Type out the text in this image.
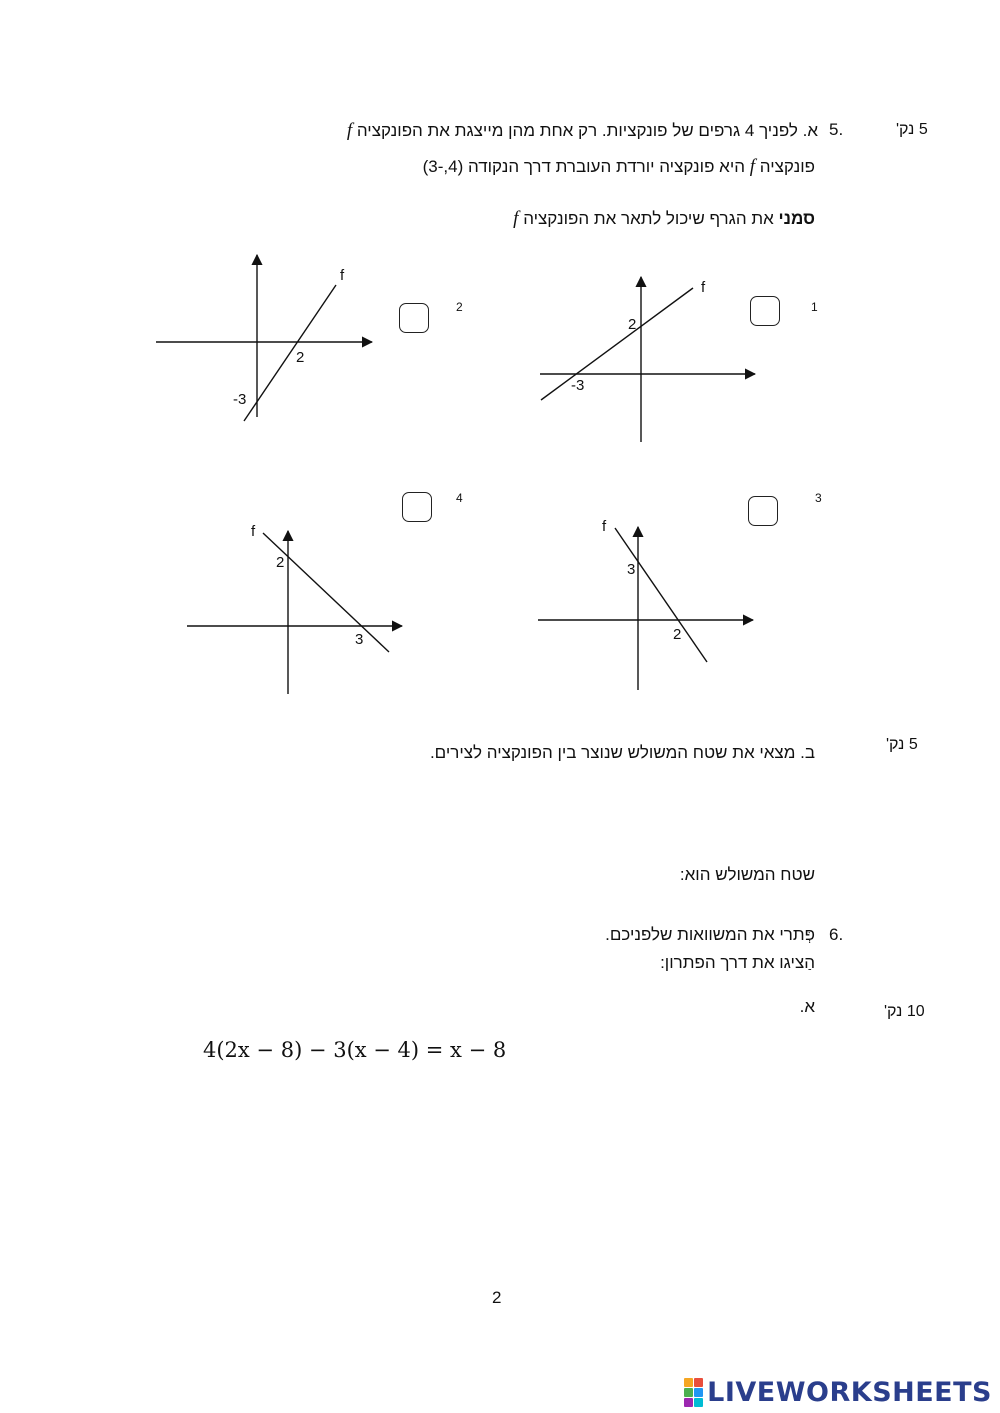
5 נק'
5.
א. לפניך 4 גרפים של פונקציות. רק אחת מהן מייצגת את הפונקציה f
פונקציה f היא פונקציה יורדת העוברת דרך הנקודה (4,-3)
סמני את הגרף שיכול לתאר את הפונקציה f
1
2
3
4
f
2
-3
f
2
-3
f
3
2
f
2
3
5 נק'
ב. מצאי את שטח המשולש שנוצר בין הפונקציה לצירים.
שטח המשולש הוא:
6.
פְּתרי את המשוואות שלפניכם.
הַציגו את דרך הפתרון:
א.	10 נק'
4(2x − 8) − 3(x − 4) = x − 8
2
LIVEWORKSHEETS
